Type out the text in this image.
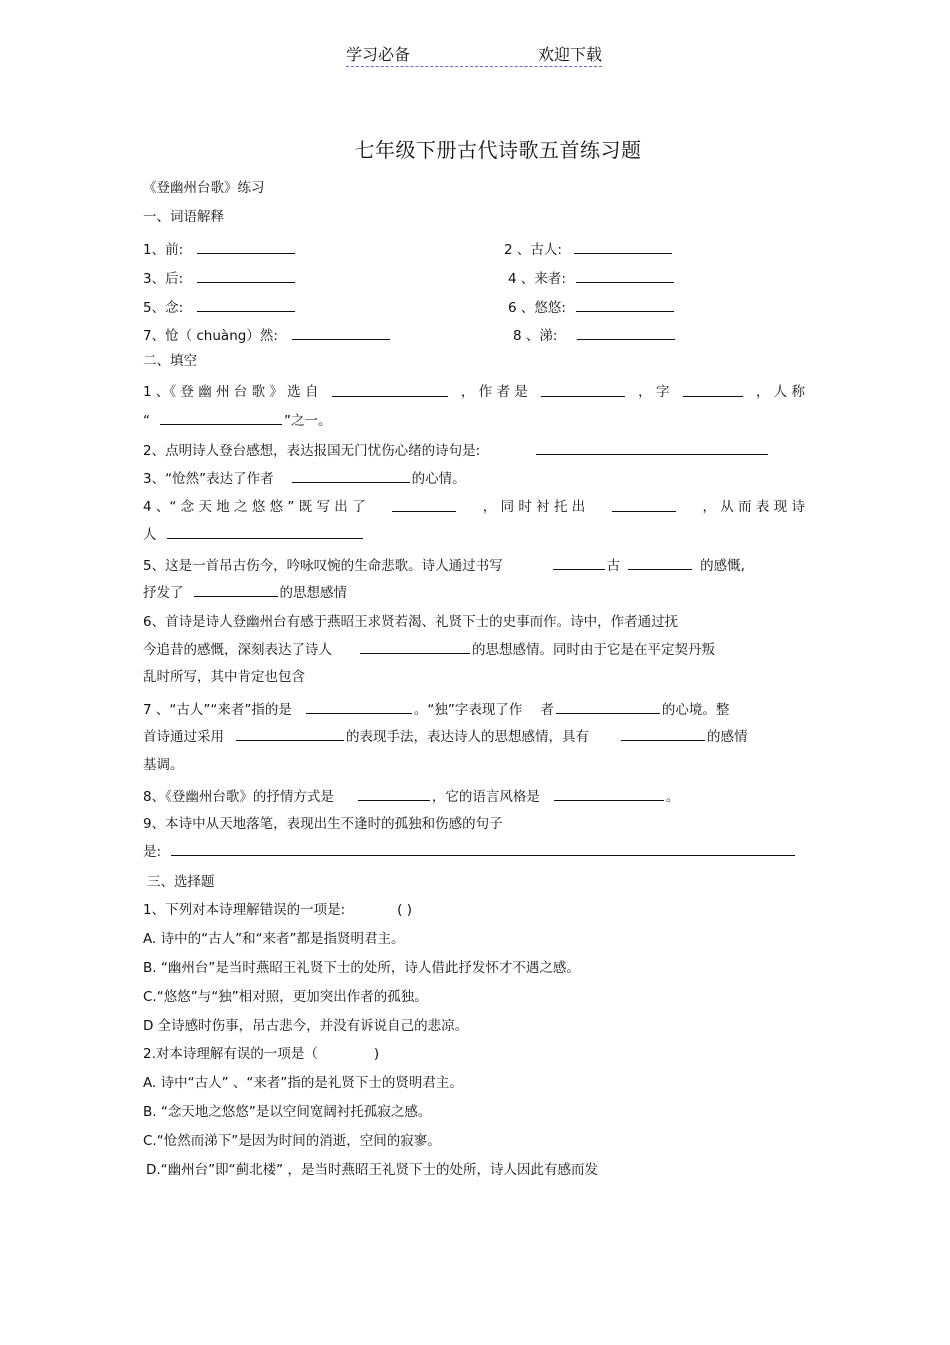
学习必备	欢迎下载
七年级下册古代诗歌五首练习题
《登幽州台歌》练习
一、词语解释
1、前:	2 、古人:
3、后:	4 、来者:
5、念:	6 、悠悠:
7、怆（ chuàng）然:	8 、涕:
二、填空
1 、《 登 幽 州 台 歌 》 选 自	， 作 者 是	， 字	， 人 称
“	”之一。
2、点明诗人登台感想，表达报国无门忧伤心绪的诗句是:
3、“怆然”表达了作者	的心情。
4 、“ 念 天 地 之 悠 悠 ” 既 写 出 了	， 同 时 衬 托 出	， 从 而 表 现 诗
人
5、这是一首吊古伤今，吟咏叹惋的生命悲歌。诗人通过书写	古	的感慨,
抒发了	的思想感情
6、首诗是诗人登幽州台有感于燕昭王求贤若渴、礼贤下士的史事而作。诗中，作者通过抚
今追昔的感慨，深刻表达了诗人	的思想感情。同时由于它是在平定契丹叛
乱时所写，其中肯定也包含
7 、“古人”“来者”指的是	。“独”字表现了作 者	的心境。整
首诗通过采用	的表现手法，表达诗人的思想感情，具有	的感情
基调。
8、《登幽州台歌》的抒情方式是	，它的语言风格是	。
9、本诗中从天地落笔，表现出生不逢时的孤独和伤感的句子
是:
三、选择题
1、下列对本诗理解错误的一项是:	( )
A. 诗中的“古人”和“来者”都是指贤明君主。
B. “幽州台”是当时燕昭王礼贤下士的处所，诗人借此抒发怀才不遇之感。
C.“悠悠”与“独”相对照，更加突出作者的孤独。
D 全诗感时伤事，吊古悲今，并没有诉说自己的悲凉。
2.对本诗理解有误的一项是（	)
A. 诗中“古人” 、“来者”指的是礼贤下士的贤明君主。
B. “念天地之悠悠”是以空间宽阔衬托孤寂之感。
C.“怆然而涕下”是因为时间的消逝，空间的寂寥。
D.“幽州台”即“蓟北楼” ，是当时燕昭王礼贤下士的处所，诗人因此有感而发
